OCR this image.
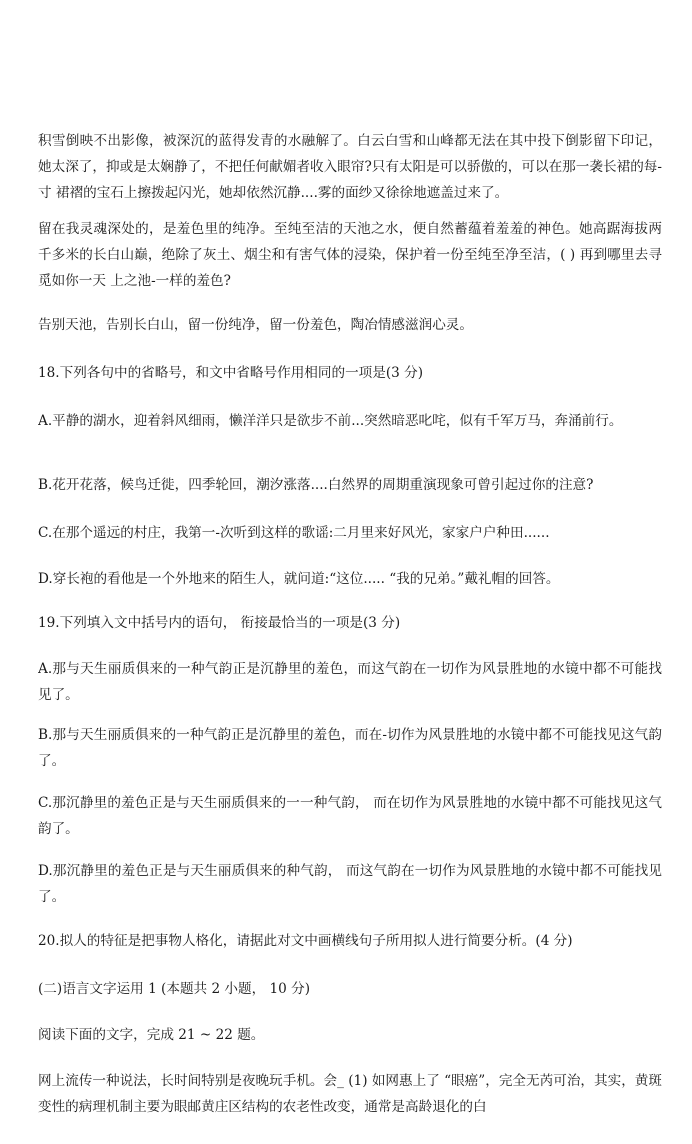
积雪倒映不出影像，被深沉的蓝得发青的水融解了。白云白雪和山峰都无法在其中投下倒影留下印记，她太深了，抑或是太娴静了，不把任何献媚者收入眼帘?只有太阳是可以骄傲的，可以在那一袭长裙的每-寸 裙褶的宝石上擦拨起闪光，她却依然沉静....雾的面纱又徐徐地遮盖过来了。

留在我灵魂深处的，是羞色里的纯净。至纯至洁的天池之水，便自然蓄蕴着羞羞的神色。她高踞海拔两千多米的长白山巅，绝除了灰土、烟尘和有害气体的浸染，保护着一份至纯至净至洁，( ) 再到哪里去寻觅如你一天 上之池-一样的羞色?

告别天池，告别长白山，留一份纯净，留一份羞色，陶冶情感滋润心灵。

18.下列各句中的省略号，和文中省略号作用相同的一项是(3 分)

A.平静的湖水，迎着斜风细雨，懒洋洋只是欲步不前...突然暗恶叱咤，似有千军万马，奔涌前行。

B.花开花落，候鸟迁徙，四季轮回，潮汐涨落....白然界的周期重演现象可曾引起过你的注意?

C.在那个遥远的村庄，我第一-次听到这样的歌谣:二月里来好风光，家家户户种田......

D.穿长袍的看他是一个外地来的陌生人，就问道:“这位..... “我的兄弟。”戴礼帽的回答。

19.下列填入文中括号内的语句， 衔接最恰当的一项是(3 分)

A.那与天生丽质俱来的一种气韵正是沉静里的羞色，而这气韵在一切作为风景胜地的水镜中都不可能找见了。

B.那与天生丽质俱来的一种气韵正是沉静里的羞色，而在-切作为风景胜地的水镜中都不可能找见这气韵了。

C.那沉静里的羞色正是与天生丽质俱来的一一种气韵， 而在切作为风景胜地的水镜中都不可能找见这气韵了。

D.那沉静里的羞色正是与天生丽质俱来的种气韵， 而这气韵在一切作为风景胜地的水镜中都不可能找见了。

20.拟人的特征是把事物人格化，请据此对文中画横线句子所用拟人进行简要分析。(4 分)

(二)语言文字运用 1 (本题共 2 小题， 10 分)

阅读下面的文字，完成 21 ~ 22 题。

网上流传一种说法，长时间特别是夜晚玩手机。会_ (1) 如网惠上了 “眼癌”，完全无芮可治，其实，黄斑变性的病理机制主要为眼邮黄庄区结构的农老性改变，通常是高龄退化的白
